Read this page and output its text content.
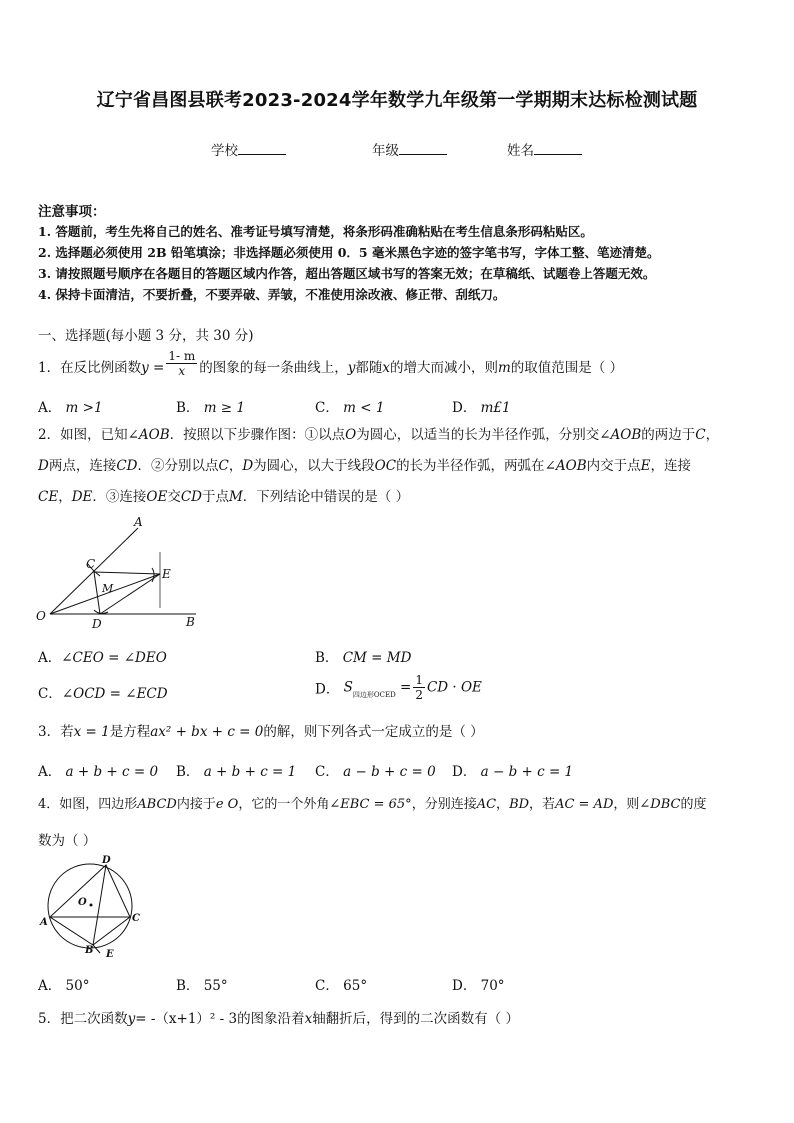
辽宁省昌图县联考2023-2024学年数学九年级第一学期期末达标检测试题
学校	年级	姓名
注意事项：
1. 答题前，考生先将自己的姓名、准考证号填写清楚，将条形码准确粘贴在考生信息条形码粘贴区。
2. 选择题必须使用 2B 铅笔填涂；非选择题必须使用 0．5 毫米黑色字迹的签字笔书写，字体工整、笔迹清楚。
3. 请按照题号顺序在各题目的答题区域内作答，超出答题区域书写的答案无效；在草稿纸、试题卷上答题无效。
4. 保持卡面清洁，不要折叠，不要弄破、弄皱，不准使用涂改液、修正带、刮纸刀。
一、选择题(每小题 3 分，共 30 分)
1．在反比例函数$y = \frac{1- m}{x}$ 的图象的每一条曲线上，y都随x的增大而减小，则m的取值范围是（ ）
A． m >1	B． m ≥ 1	C． m < 1	D． m£1
2．如图，已知∠AOB．按照以下步骤作图：①以点O为圆心，以适当的长为半径作弧，分别交∠AOB的两边于C，
D两点，连接CD．②分别以点C，D为圆心，以大于线段OC的长为半径作弧，两弧在∠AOB内交于点E，连接
CE，DE．③连接OE交CD于点M．下列结论中错误的是（ ）
A
C
M
E
O
D	B
A．∠CEO = ∠DEO	B． CM = MD
C．∠OCD = ∠ECD	D． $S_{四边形OCED} = \frac{1}{2}$ CD · OE
3．若x = 1是方程ax² + bx + c = 0的解，则下列各式一定成立的是（ ）
A． a + b + c = 0 B． a + b + c = 1 C． a − b + c = 0 D． a − b + c = 1
4．如图，四边形ABCD内接于e O，它的一个外角∠EBC = 65°，分别连接AC，BD，若AC = AD，则∠DBC的度
数为（ ）
D
O
A	C
B E
A． 50°	B． 55°	C． 65°	D． 70°
5．把二次函数y= -（x+1）² - 3的图象沿着x轴翻折后，得到的二次函数有（ ）
